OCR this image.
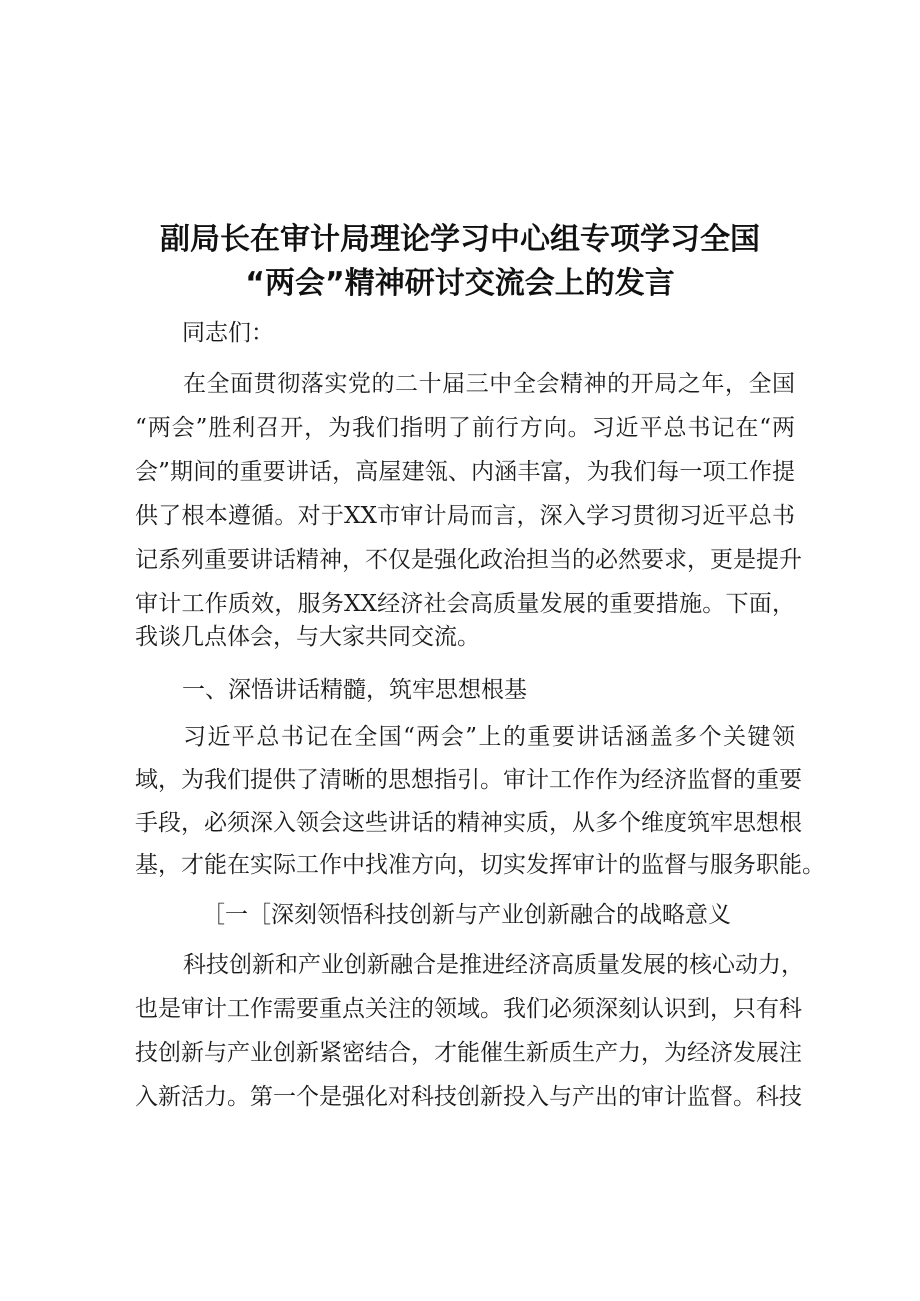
副局长在审计局理论学习中心组专项学习全国
“两会”精神研讨交流会上的发言
同志们：
在全面贯彻落实党的二十届三中全会精神的开局之年，全国
“两会”胜利召开，为我们指明了前行方向。习近平总书记在“两
会”期间的重要讲话，高屋建瓴、内涵丰富，为我们每一项工作提
供了根本遵循。对于XX市审计局而言，深入学习贯彻习近平总书
记系列重要讲话精神，不仅是强化政治担当的必然要求，更是提升
审计工作质效，服务XX经济社会高质量发展的重要措施。下面，
我谈几点体会，与大家共同交流。
一、深悟讲话精髓，筑牢思想根基
习近平总书记在全国“两会”上的重要讲话涵盖多个关键领
域，为我们提供了清晰的思想指引。审计工作作为经济监督的重要
手段，必须深入领会这些讲话的精神实质，从多个维度筑牢思想根
基，才能在实际工作中找准方向，切实发挥审计的监督与服务职能。
［一［深刻领悟科技创新与产业创新融合的战略意义
科技创新和产业创新融合是推进经济高质量发展的核心动力，
也是审计工作需要重点关注的领域。我们必须深刻认识到，只有科
技创新与产业创新紧密结合，才能催生新质生产力，为经济发展注
入新活力。第一个是强化对科技创新投入与产出的审计监督。科技
